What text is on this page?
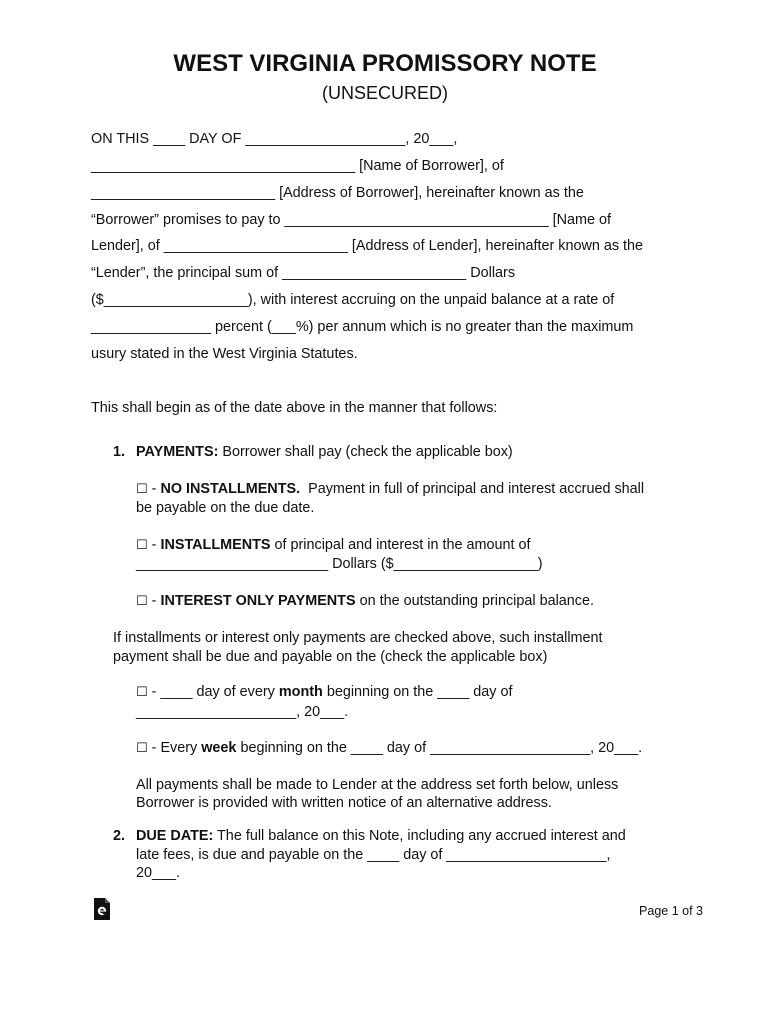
WEST VIRGINIA PROMISSORY NOTE
(UNSECURED)
ON THIS ____ DAY OF ____________________, 20___,
_________________________________ [Name of Borrower], of
_______________________ [Address of Borrower], hereinafter known as the
“Borrower” promises to pay to _________________________________ [Name of
Lender], of _______________________ [Address of Lender], hereinafter known as the
“Lender”, the principal sum of _______________________ Dollars
($__________________), with interest accruing on the unpaid balance at a rate of
_______________ percent (___%) per annum which is no greater than the maximum
usury stated in the West Virginia Statutes.
This shall begin as of the date above in the manner that follows:
1. PAYMENTS: Borrower shall pay (check the applicable box)
☐ - NO INSTALLMENTS.  Payment in full of principal and interest accrued shall
be payable on the due date.
☐ - INSTALLMENTS of principal and interest in the amount of
________________________ Dollars ($__________________)
☐ - INTEREST ONLY PAYMENTS on the outstanding principal balance.
If installments or interest only payments are checked above, such installment
payment shall be due and payable on the (check the applicable box)
☐ - ____ day of every month beginning on the ____ day of
____________________, 20___.
☐ - Every week beginning on the ____ day of ____________________, 20___.
All payments shall be made to Lender at the address set forth below, unless
Borrower is provided with written notice of an alternative address.
2. DUE DATE: The full balance on this Note, including any accrued interest and
late fees, is due and payable on the ____ day of ____________________,
20___.
Page 1 of 3
